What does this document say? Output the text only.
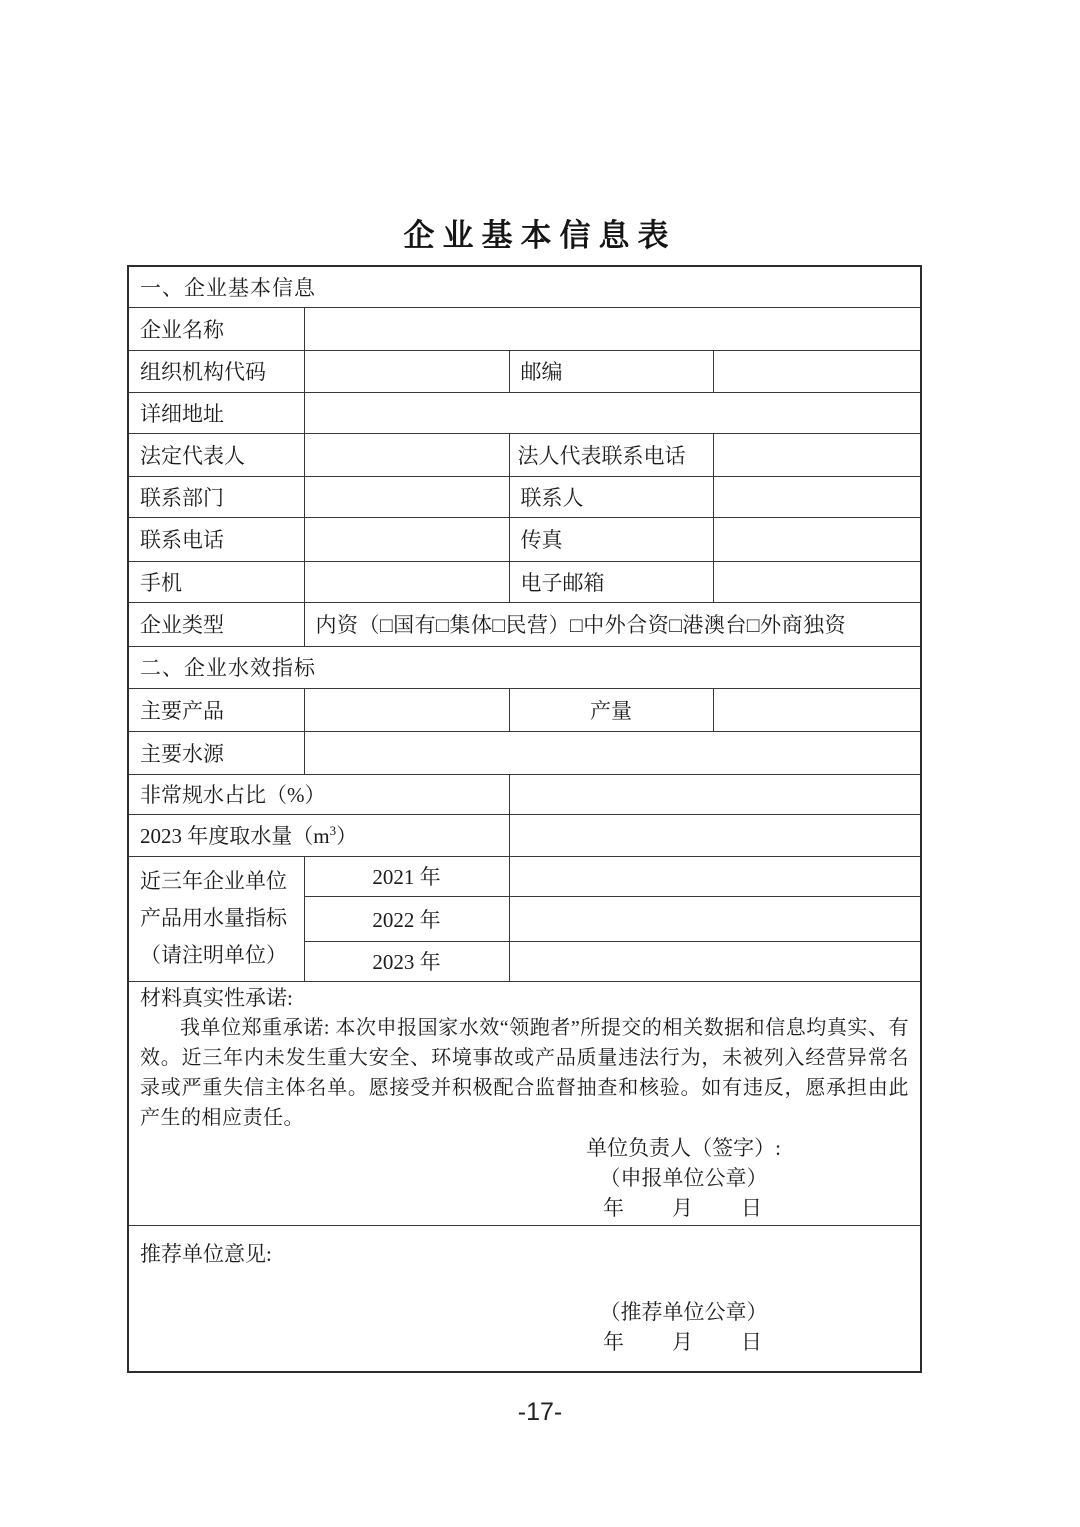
企业基本信息表
一、企业基本信息			
企业名称			
组织机构代码		邮编	
详细地址			
法定代表人		法人代表联系电话	
联系部门		联系人	
联系电话		传真	
手机		电子邮箱	
企业类型	内资（□国有□集体□民营）□中外合资□港澳台□外商独资		
二、企业水效指标			
主要产品		产量	
主要水源			
非常规水占比（%）			
2023 年度取水量$(m^3)$			

近三年企业单位
产品用水量指标
（请注明单位）	2021 年		
	2022 年		
	2023 年		

材料真实性承诺:

我单位郑重承诺: 本次申报国家水效“领跑者”所提交的相关数据和信息均真实、有效。近三年内未发生重大安全、环境事故或产品质量违法行为，未被列入经营异常名录或严重失信主体名单。愿接受并积极配合监督抽查和核验。如有违反，愿承担由此产生的相应责任。

单位负责人（签字）:
（申报单位公章）
年　　月　　日			

推荐单位意见:
（推荐单位公章）
年　　月　　日			
-17-
